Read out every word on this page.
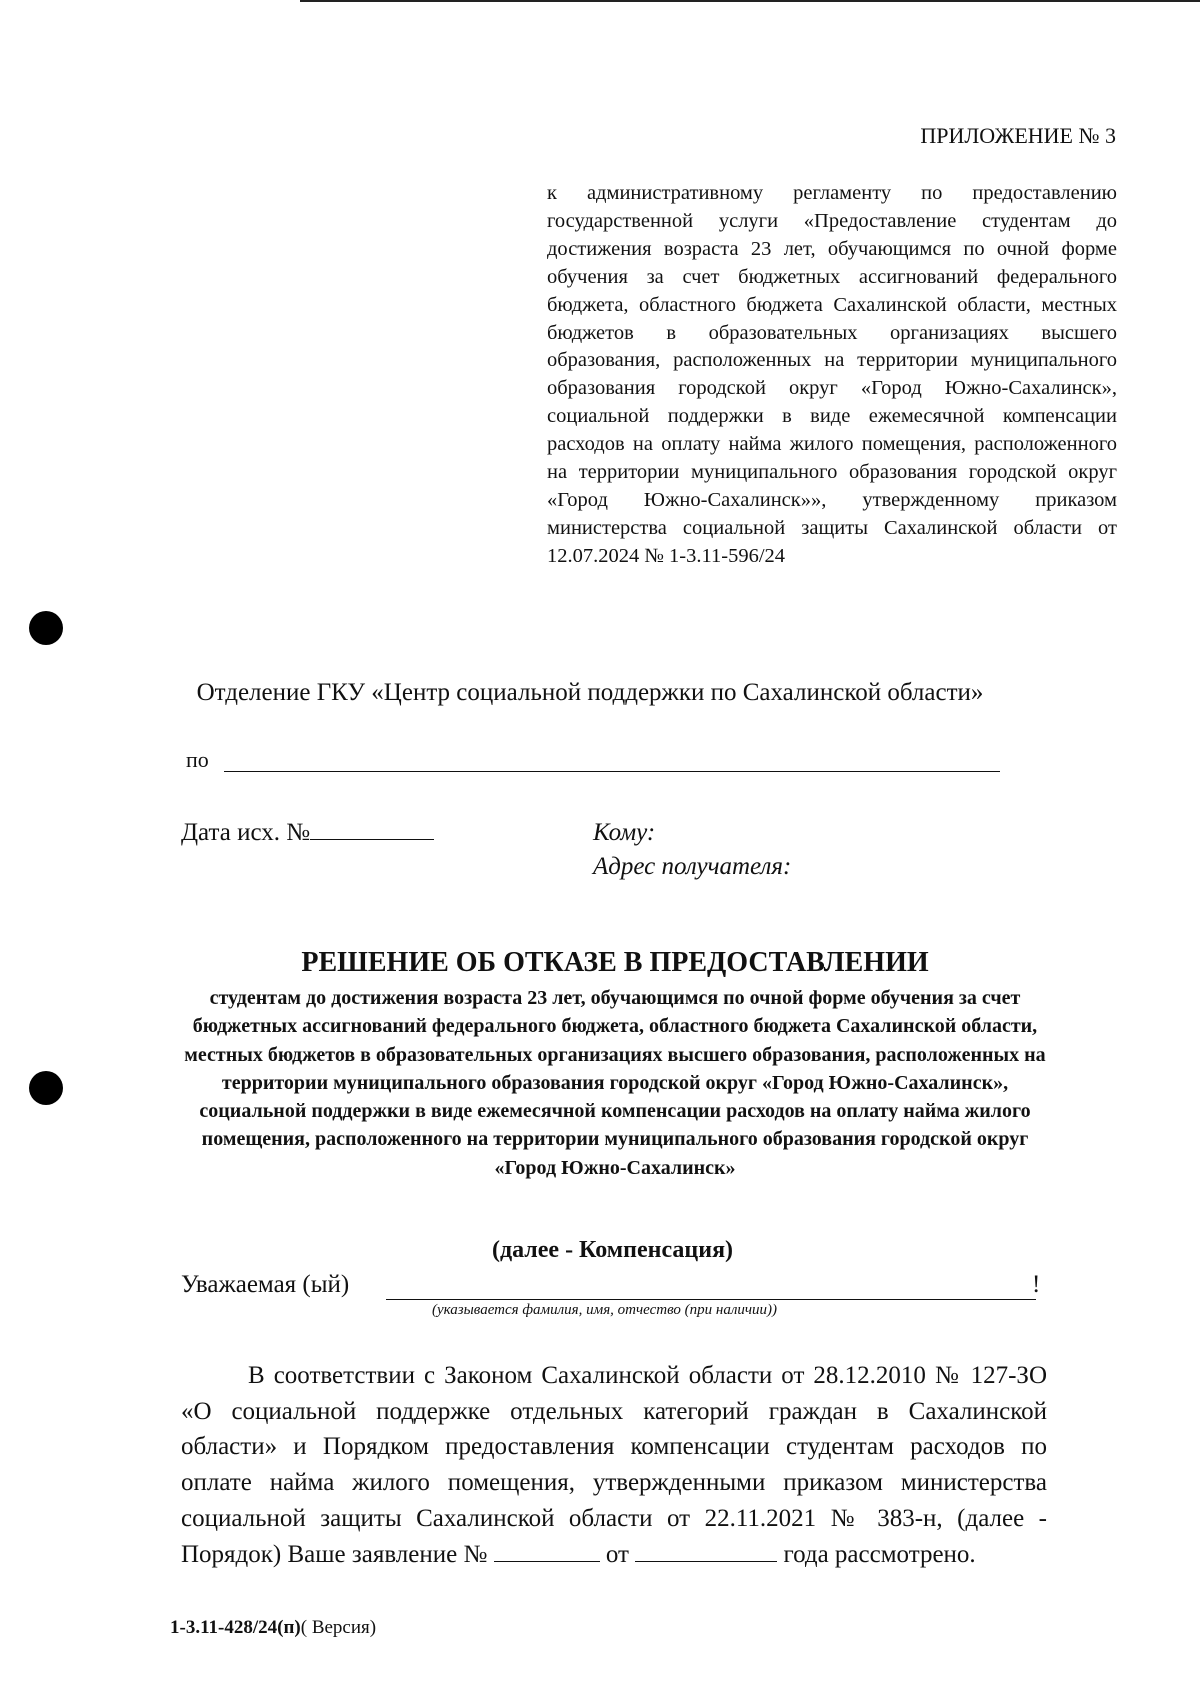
ПРИЛОЖЕНИЕ № 3
к административному регламенту по предоставлению государственной услуги «Предоставление студентам до достижения возраста 23 лет, обучающимся по очной форме обучения за счет бюджетных ассигнований федерального бюджета, областного бюджета Сахалинской области, местных бюджетов в образовательных организациях высшего образования, расположенных на территории муниципального образования городской округ «Город Южно-Сахалинск», социальной поддержки в виде ежемесячной компенсации расходов на оплату найма жилого помещения, расположенного на территории муниципального образования городской округ «Город Южно-Сахалинск»», утвержденному приказом министерства социальной защиты Сахалинской области от 12.07.2024 № 1-3.11-596/24
Отделение ГКУ «Центр социальной поддержки по Сахалинской области»
по
Дата исх. №	Кому:
Адрес получателя:
РЕШЕНИЕ ОБ ОТКАЗЕ В ПРЕДОСТАВЛЕНИИ
студентам до достижения возраста 23 лет, обучающимся по очной форме обучения за счет бюджетных ассигнований федерального бюджета, областного бюджета Сахалинской области, местных бюджетов в образовательных организациях высшего образования, расположенных на территории муниципального образования городской округ «Город Южно-Сахалинск», социальной поддержки в виде ежемесячной компенсации расходов на оплату найма жилого помещения, расположенного на территории муниципального образования городской округ «Город Южно-Сахалинск»
(далее - Компенсация)
Уважаемая (ый)	!
(указывается фамилия, имя, отчество (при наличии))
В соответствии с Законом Сахалинской области от 28.12.2010 № 127-ЗО «О социальной поддержке отдельных категорий граждан в Сахалинской области» и Порядком предоставления компенсации студентам расходов по оплате найма жилого помещения, утвержденными приказом министерства социальной защиты Сахалинской области от 22.11.2021 № 383-н, (далее - Порядок) Ваше заявление №	от	года рассмотрено.
1-3.11-428/24(п)( Версия)
